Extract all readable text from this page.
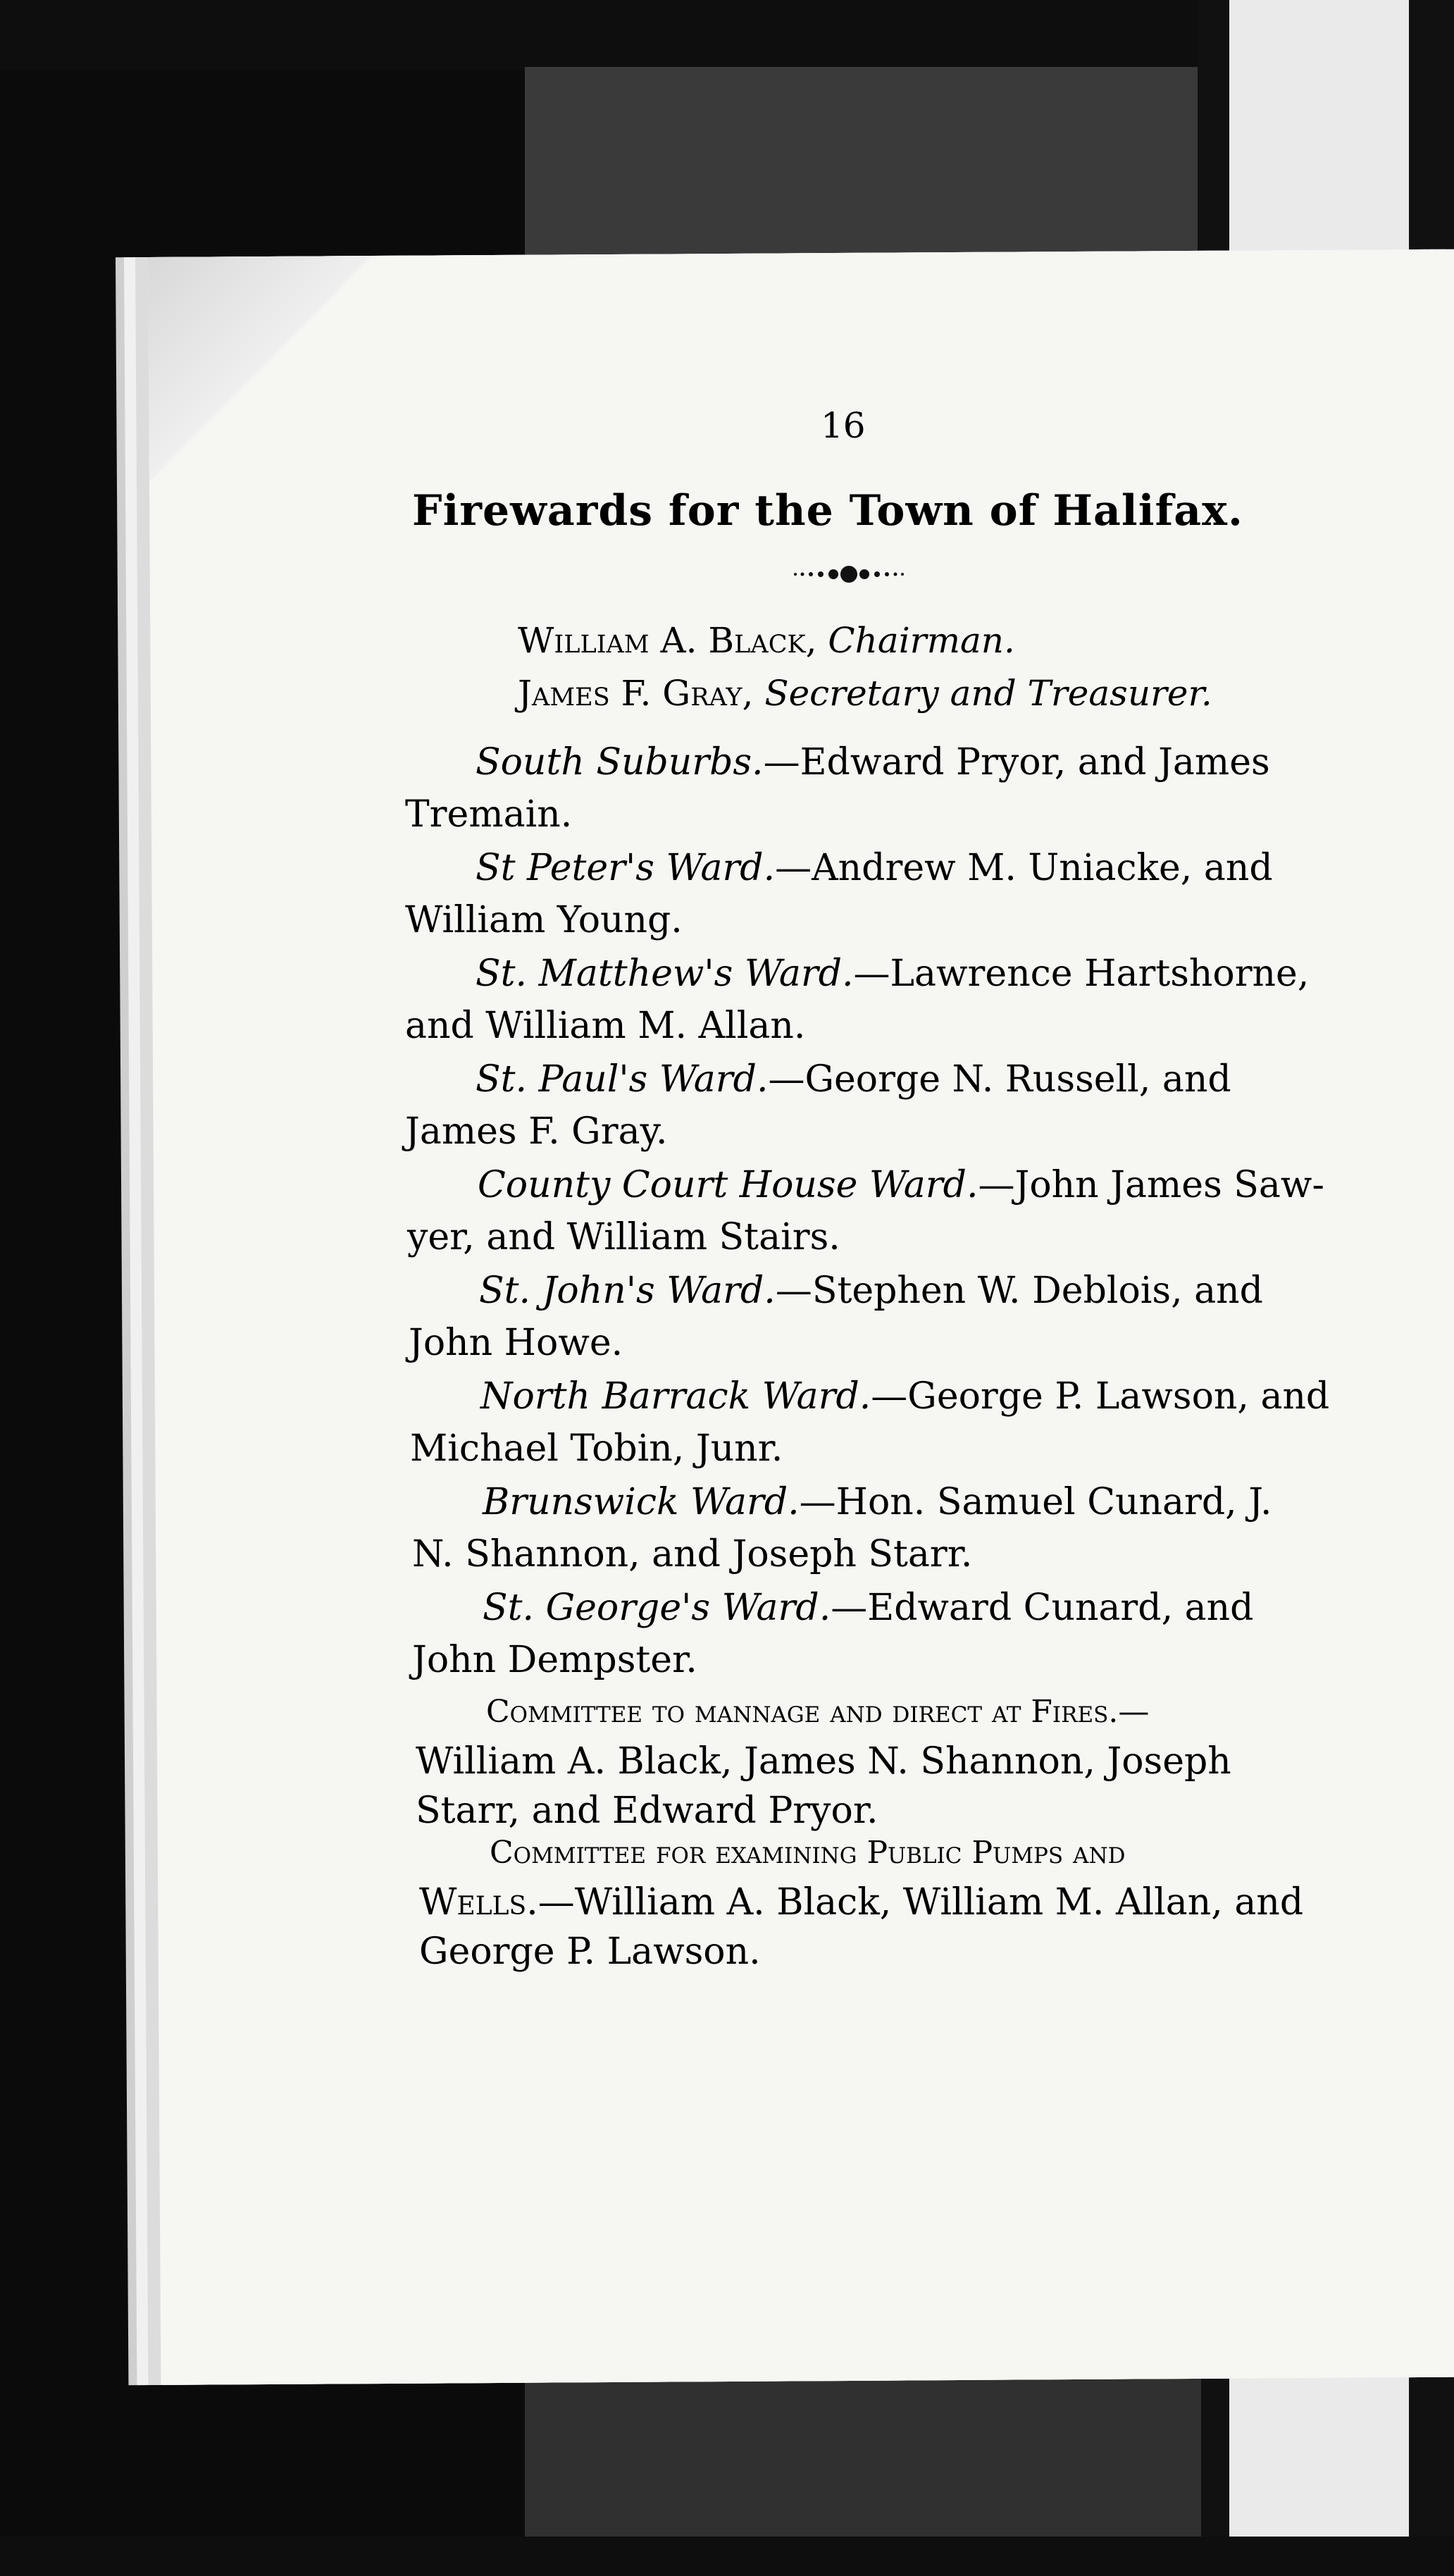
16
Firewards for the Town of Halifax.
William A. Black, Chairman.
James F. Gray, Secretary and Treasurer.
South Suburbs.—Edward Pryor, and James
Tremain.
St Peter's Ward.—Andrew M. Uniacke, and
William Young.
St. Matthew's Ward.—Lawrence Hartshorne,
and William M. Allan.
St. Paul's Ward.—George N. Russell, and
James F. Gray.
County Court House Ward.—John James Saw-
yer, and William Stairs.
St. John's Ward.—Stephen W. Deblois, and
John Howe.
North Barrack Ward.—George P. Lawson, and
Michael Tobin, Junr.
Brunswick Ward.—Hon. Samuel Cunard, J.
N. Shannon, and Joseph Starr.
St. George's Ward.—Edward Cunard, and
John Dempster.
Committee to mannage and direct at Fires.—
William A. Black, James N. Shannon, Joseph
Starr, and Edward Pryor.
Committee for examining Public Pumps and
Wells.—William A. Black, William M. Allan, and
George P. Lawson.
